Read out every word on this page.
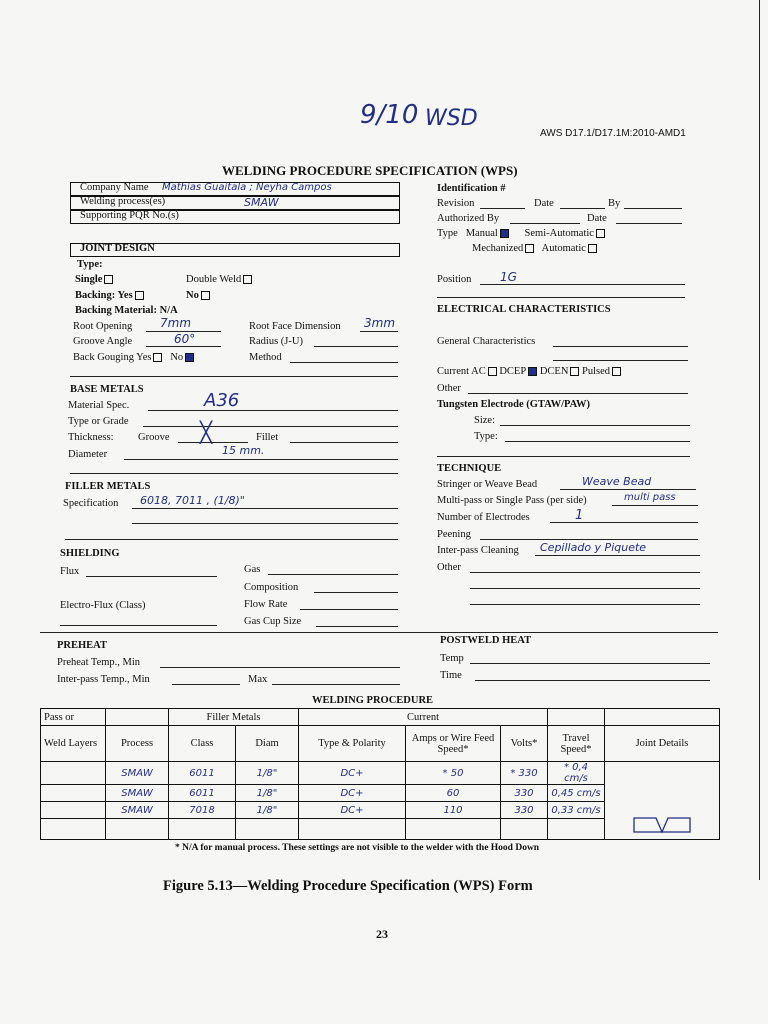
9/10 WSD
AWS D17.1/D17.1M:2010-AMD1
WELDING PROCEDURE SPECIFICATION (WPS)
Company Name Mathias Guaitala ; Neyha Campos
Welding process(es)	SMAW
Supporting PQR No.(s)
Identification #
Revision	Date	By
Authorized By	Date
Type Manual	Semi-Automatic
Mechanized Automatic
JOINT DESIGN
Type:
Single	Double Weld
Backing: Yes	No
Backing Material: N/A
Root Opening 7mm	Root Face Dimension 3mm
Groove Angle	60°	Radius (J-U)
Back Gouging Yes No	Method
Position 1G
ELECTRICAL CHARACTERISTICS
General Characteristics
Current AC DCEP DCEN Pulsed
Other
Tungsten Electrode (GTAW/PAW)
Size:
Type:
BASE METALS
Material Spec.	A36
Type or Grade
Thickness: Groove ╳	Fillet
15 mm.
Diameter
TECHNIQUE
Stringer or Weave Bead	Weave Bead
Multi-pass or Single Pass (per side)	multi pass
Number of Electrodes	1
Peening
Inter-pass Cleaning Cepillado y Piquete
Other
FILLER METALS
Specification 6018, 7011 , (1/8)"
SHIELDING
Flux	Gas
Composition
Electro-Flux (Class)	Flow Rate
Gas Cup Size
PREHEAT
Preheat Temp., Min
Inter-pass Temp., Min	Max
POSTWELD HEAT
Temp
Time
WELDING PROCEDURE
Pass or		Filler Metals		Current				
Weld Layers	Process	Class	Diam	Type & Polarity	Amps or Wire Feed Speed*	Volts*	Travel Speed*	Joint Details
	SMAW	6011	1/8"	DC+	* 50	* 330	* 0,4 cm/s	
	SMAW	6011	1/8"	DC+	60	330	0,45 cm/s	
	SMAW	7018	1/8"	DC+	110	330	0,33 cm/s	

* N/A for manual process. These settings are not visible to the welder with the Hood Down
Figure 5.13—Welding Procedure Specification (WPS) Form
23
